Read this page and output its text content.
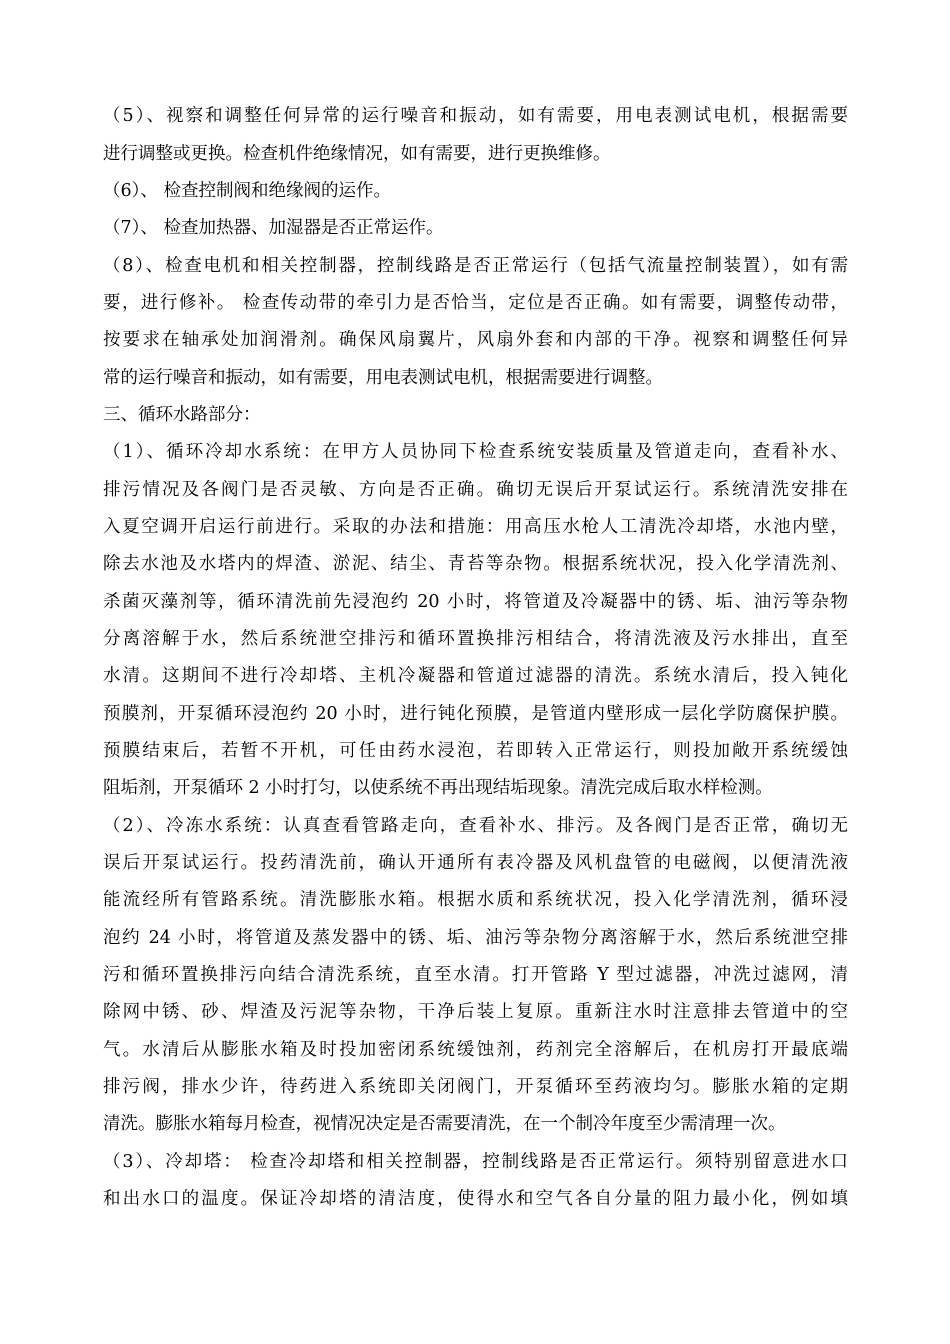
（5）、视察和调整任何异常的运行噪音和振动，如有需要，用电表测试电机，根据需要
进行调整或更换。检查机件绝缘情况，如有需要，进行更换维修。
（6）、 检查控制阀和绝缘阀的运作。
（7）、 检查加热器、加湿器是否正常运作。
（8）、检查电机和相关控制器，控制线路是否正常运行（包括气流量控制装置），如有需
要，进行修补。 检查传动带的牵引力是否恰当，定位是否正确。如有需要，调整传动带，
按要求在轴承处加润滑剂。确保风扇翼片，风扇外套和内部的干净。视察和调整任何异
常的运行噪音和振动，如有需要，用电表测试电机，根据需要进行调整。
三、循环水路部分：
（1）、循环冷却水系统：在甲方人员协同下检查系统安装质量及管道走向，查看补水、
排污情况及各阀门是否灵敏、方向是否正确。确切无误后开泵试运行。系统清洗安排在
入夏空调开启运行前进行。采取的办法和措施：用高压水枪人工清洗冷却塔，水池内壁，
除去水池及水塔内的焊渣、淤泥、结尘、青苔等杂物。根据系统状况，投入化学清洗剂、
杀菌灭藻剂等，循环清洗前先浸泡约 20 小时，将管道及冷凝器中的锈、垢、油污等杂物
分离溶解于水，然后系统泄空排污和循环置换排污相结合，将清洗液及污水排出，直至
水清。这期间不进行冷却塔、主机冷凝器和管道过滤器的清洗。系统水清后，投入钝化
预膜剂，开泵循环浸泡约 20 小时，进行钝化预膜，是管道内壁形成一层化学防腐保护膜。
预膜结束后，若暂不开机，可任由药水浸泡，若即转入正常运行，则投加敞开系统缓蚀
阻垢剂，开泵循环 2 小时打匀，以使系统不再出现结垢现象。清洗完成后取水样检测。
（2）、冷冻水系统：认真查看管路走向，查看补水、排污。及各阀门是否正常，确切无
误后开泵试运行。投药清洗前，确认开通所有表冷器及风机盘管的电磁阀，以便清洗液
能流经所有管路系统。清洗膨胀水箱。根据水质和系统状况，投入化学清洗剂，循环浸
泡约 24 小时，将管道及蒸发器中的锈、垢、油污等杂物分离溶解于水，然后系统泄空排
污和循环置换排污向结合清洗系统，直至水清。打开管路 Y 型过滤器，冲洗过滤网，清
除网中锈、砂、焊渣及污泥等杂物，干净后装上复原。重新注水时注意排去管道中的空
气。水清后从膨胀水箱及时投加密闭系统缓蚀剂，药剂完全溶解后，在机房打开最底端
排污阀，排水少许，待药进入系统即关闭阀门，开泵循环至药液均匀。膨胀水箱的定期
清洗。膨胀水箱每月检查，视情况决定是否需要清洗，在一个制冷年度至少需清理一次。
（3）、冷却塔： 检查冷却塔和相关控制器，控制线路是否正常运行。须特别留意进水口
和出水口的温度。保证冷却塔的清洁度，使得水和空气各自分量的阻力最小化，例如填
